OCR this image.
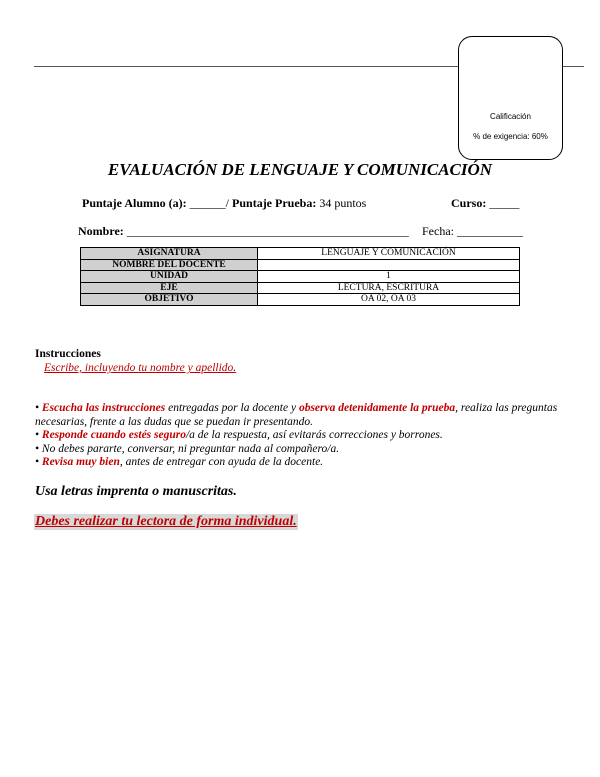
Calificación
% de exigencia: 60%
EVALUACIÓN DE LENGUAJE Y COMUNICACIÓN
Puntaje Alumno (a): ______/ Puntaje Prueba: 34 puntos	Curso: _____
Nombre: _______________________________________________ Fecha: ___________
ASIGNATURA	LENGUAJE Y COMUNICACIÓN
NOMBRE DEL DOCENTE	
UNIDAD	1
EJE	LECTURA, ESCRITURA
OBJETIVO	OA 02, OA 03
Instrucciones
Escribe, incluyendo tu nombre y apellido.
• Escucha las instrucciones entregadas por la docente y observa detenidamente la prueba, realiza las preguntas necesarias, frente a las dudas que se puedan ir presentando.
• Responde cuando estés seguro/a de la respuesta, así evitarás correcciones y borrones.
• No debes pararte, conversar, ni preguntar nada al compañero/a.
• Revisa muy bien, antes de entregar con ayuda de la docente.
Usa letras imprenta o manuscritas.
Debes realizar tu lectora de forma individual.
